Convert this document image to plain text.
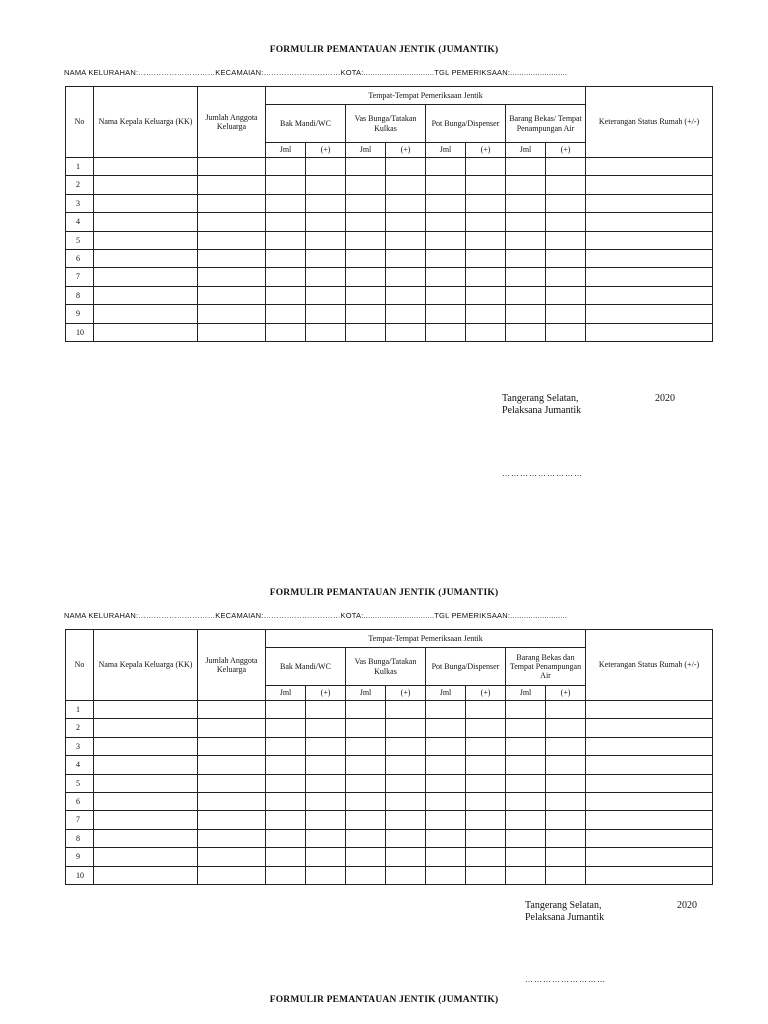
FORMULIR PEMANTAUAN JENTIK (JUMANTIK)
NAMA KELURAHAN:…………………………KECAMAIAN:…………………………KOTA:...............................TGL PEMERIKSAAN:.........................
No	Nama Kepala Keluarga (KK)	Jumlah Anggota Keluarga	Tempat-Tempat Pemeriksaan Jentik								Keterangan Status Rumah (+/-)
			Bak Mandi/WC		Vas Bunga/Tatakan Kulkas		Pot Bunga/Dispenser		Barang Bekas/ Tempat Penampungan Air		
			Jml	(+)	Jml	(+)	Jml	(+)	Jml	(+)	
1											
2											
3											
4											
5											
6											
7											
8											
9											
10											
Tangerang Selatan,	2020
Pelaksana Jumantik
………………………
FORMULIR PEMANTAUAN JENTIK (JUMANTIK)
NAMA KELURAHAN:…………………………KECAMAIAN:…………………………KOTA:...............................TGL PEMERIKSAAN:.........................
No	Nama Kepala Keluarga (KK)	Jumlah Anggota Keluarga	Tempat-Tempat Pemeriksaan Jentik								Keterangan Status Rumah (+/-)
			Bak Mandi/WC		Vas Bunga/Tatakan Kulkas		Pot Bunga/Dispenser		Barang Bekas dan Tempat Penampungan Air		
			Jml	(+)	Jml	(+)	Jml	(+)	Jml	(+)	
1											
2											
3											
4											
5											
6											
7											
8											
9											
10											
Tangerang Selatan,	2020
Pelaksana Jumantik
………………………
FORMULIR PEMANTAUAN JENTIK (JUMANTIK)
